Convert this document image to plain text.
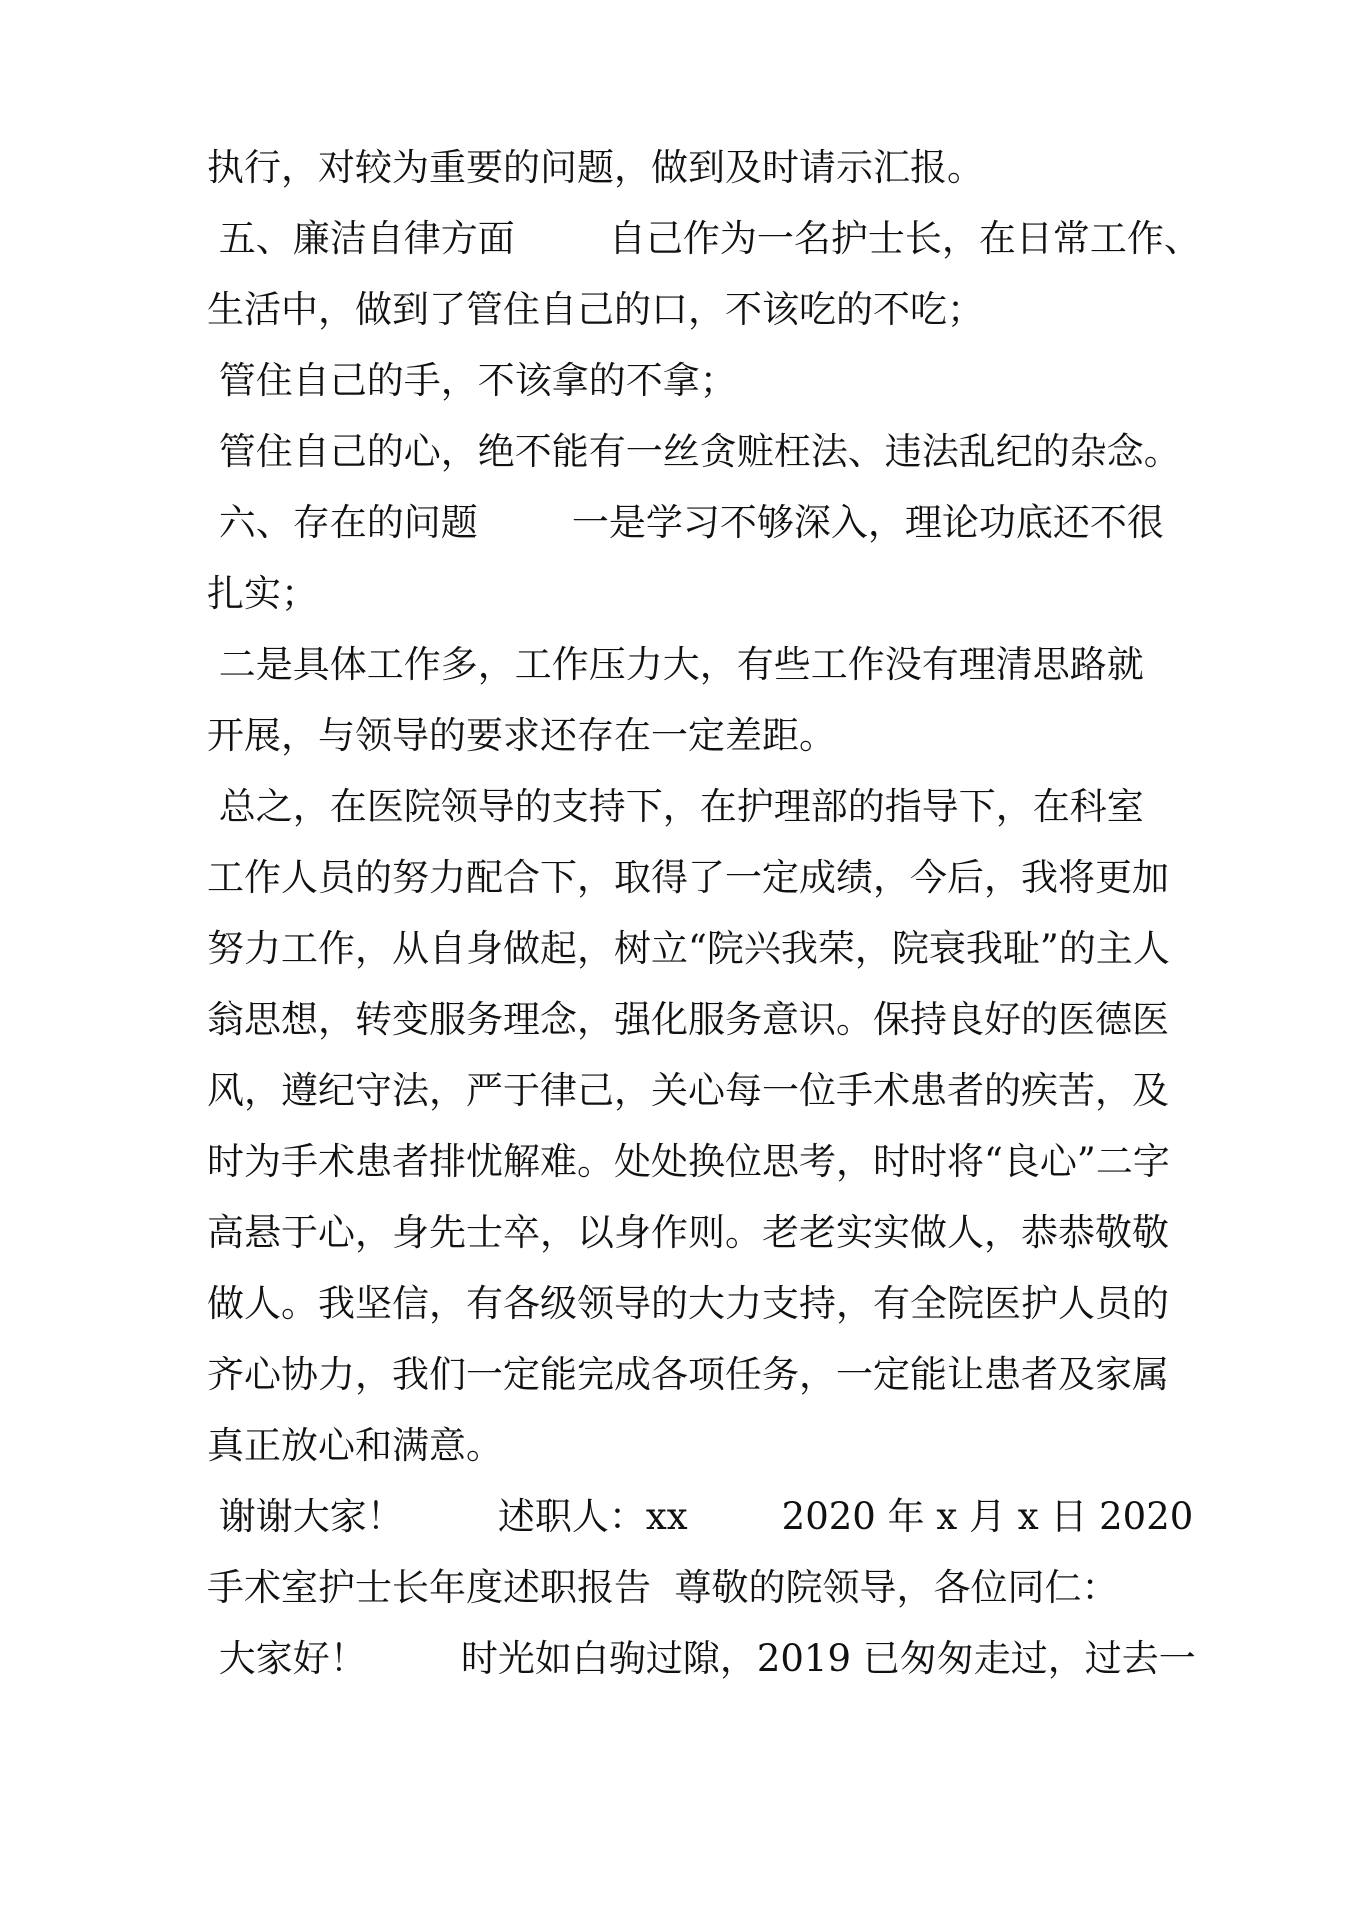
执行，对较为重要的问题，做到及时请示汇报。

五、廉洁自律方面        自己作为一名护士长，在日常工作、

生活中，做到了管住自己的口，不该吃的不吃；

管住自己的手，不该拿的不拿；

管住自己的心，绝不能有一丝贪赃枉法、违法乱纪的杂念。

六、存在的问题        一是学习不够深入，理论功底还不很

扎实；

二是具体工作多，工作压力大，有些工作没有理清思路就

开展，与领导的要求还存在一定差距。

总之，在医院领导的支持下，在护理部的指导下，在科室

工作人员的努力配合下，取得了一定成绩，今后，我将更加

努力工作，从自身做起，树立“院兴我荣，院衰我耻”的主人

翁思想，转变服务理念，强化服务意识。保持良好的医德医

风，遵纪守法，严于律己，关心每一位手术患者的疾苦，及

时为手术患者排忧解难。处处换位思考，时时将“良心”二字

高悬于心，身先士卒，以身作则。老老实实做人，恭恭敬敬

做人。我坚信，有各级领导的大力支持，有全院医护人员的

齐心协力，我们一定能完成各项任务，一定能让患者及家属

真正放心和满意。

谢谢大家！        述职人：xx        2020 年 x 月 x 日 2020

手术室护士长年度述职报告  尊敬的院领导，各位同仁：

大家好！        时光如白驹过隙，2019 已匆匆走过，过去一
